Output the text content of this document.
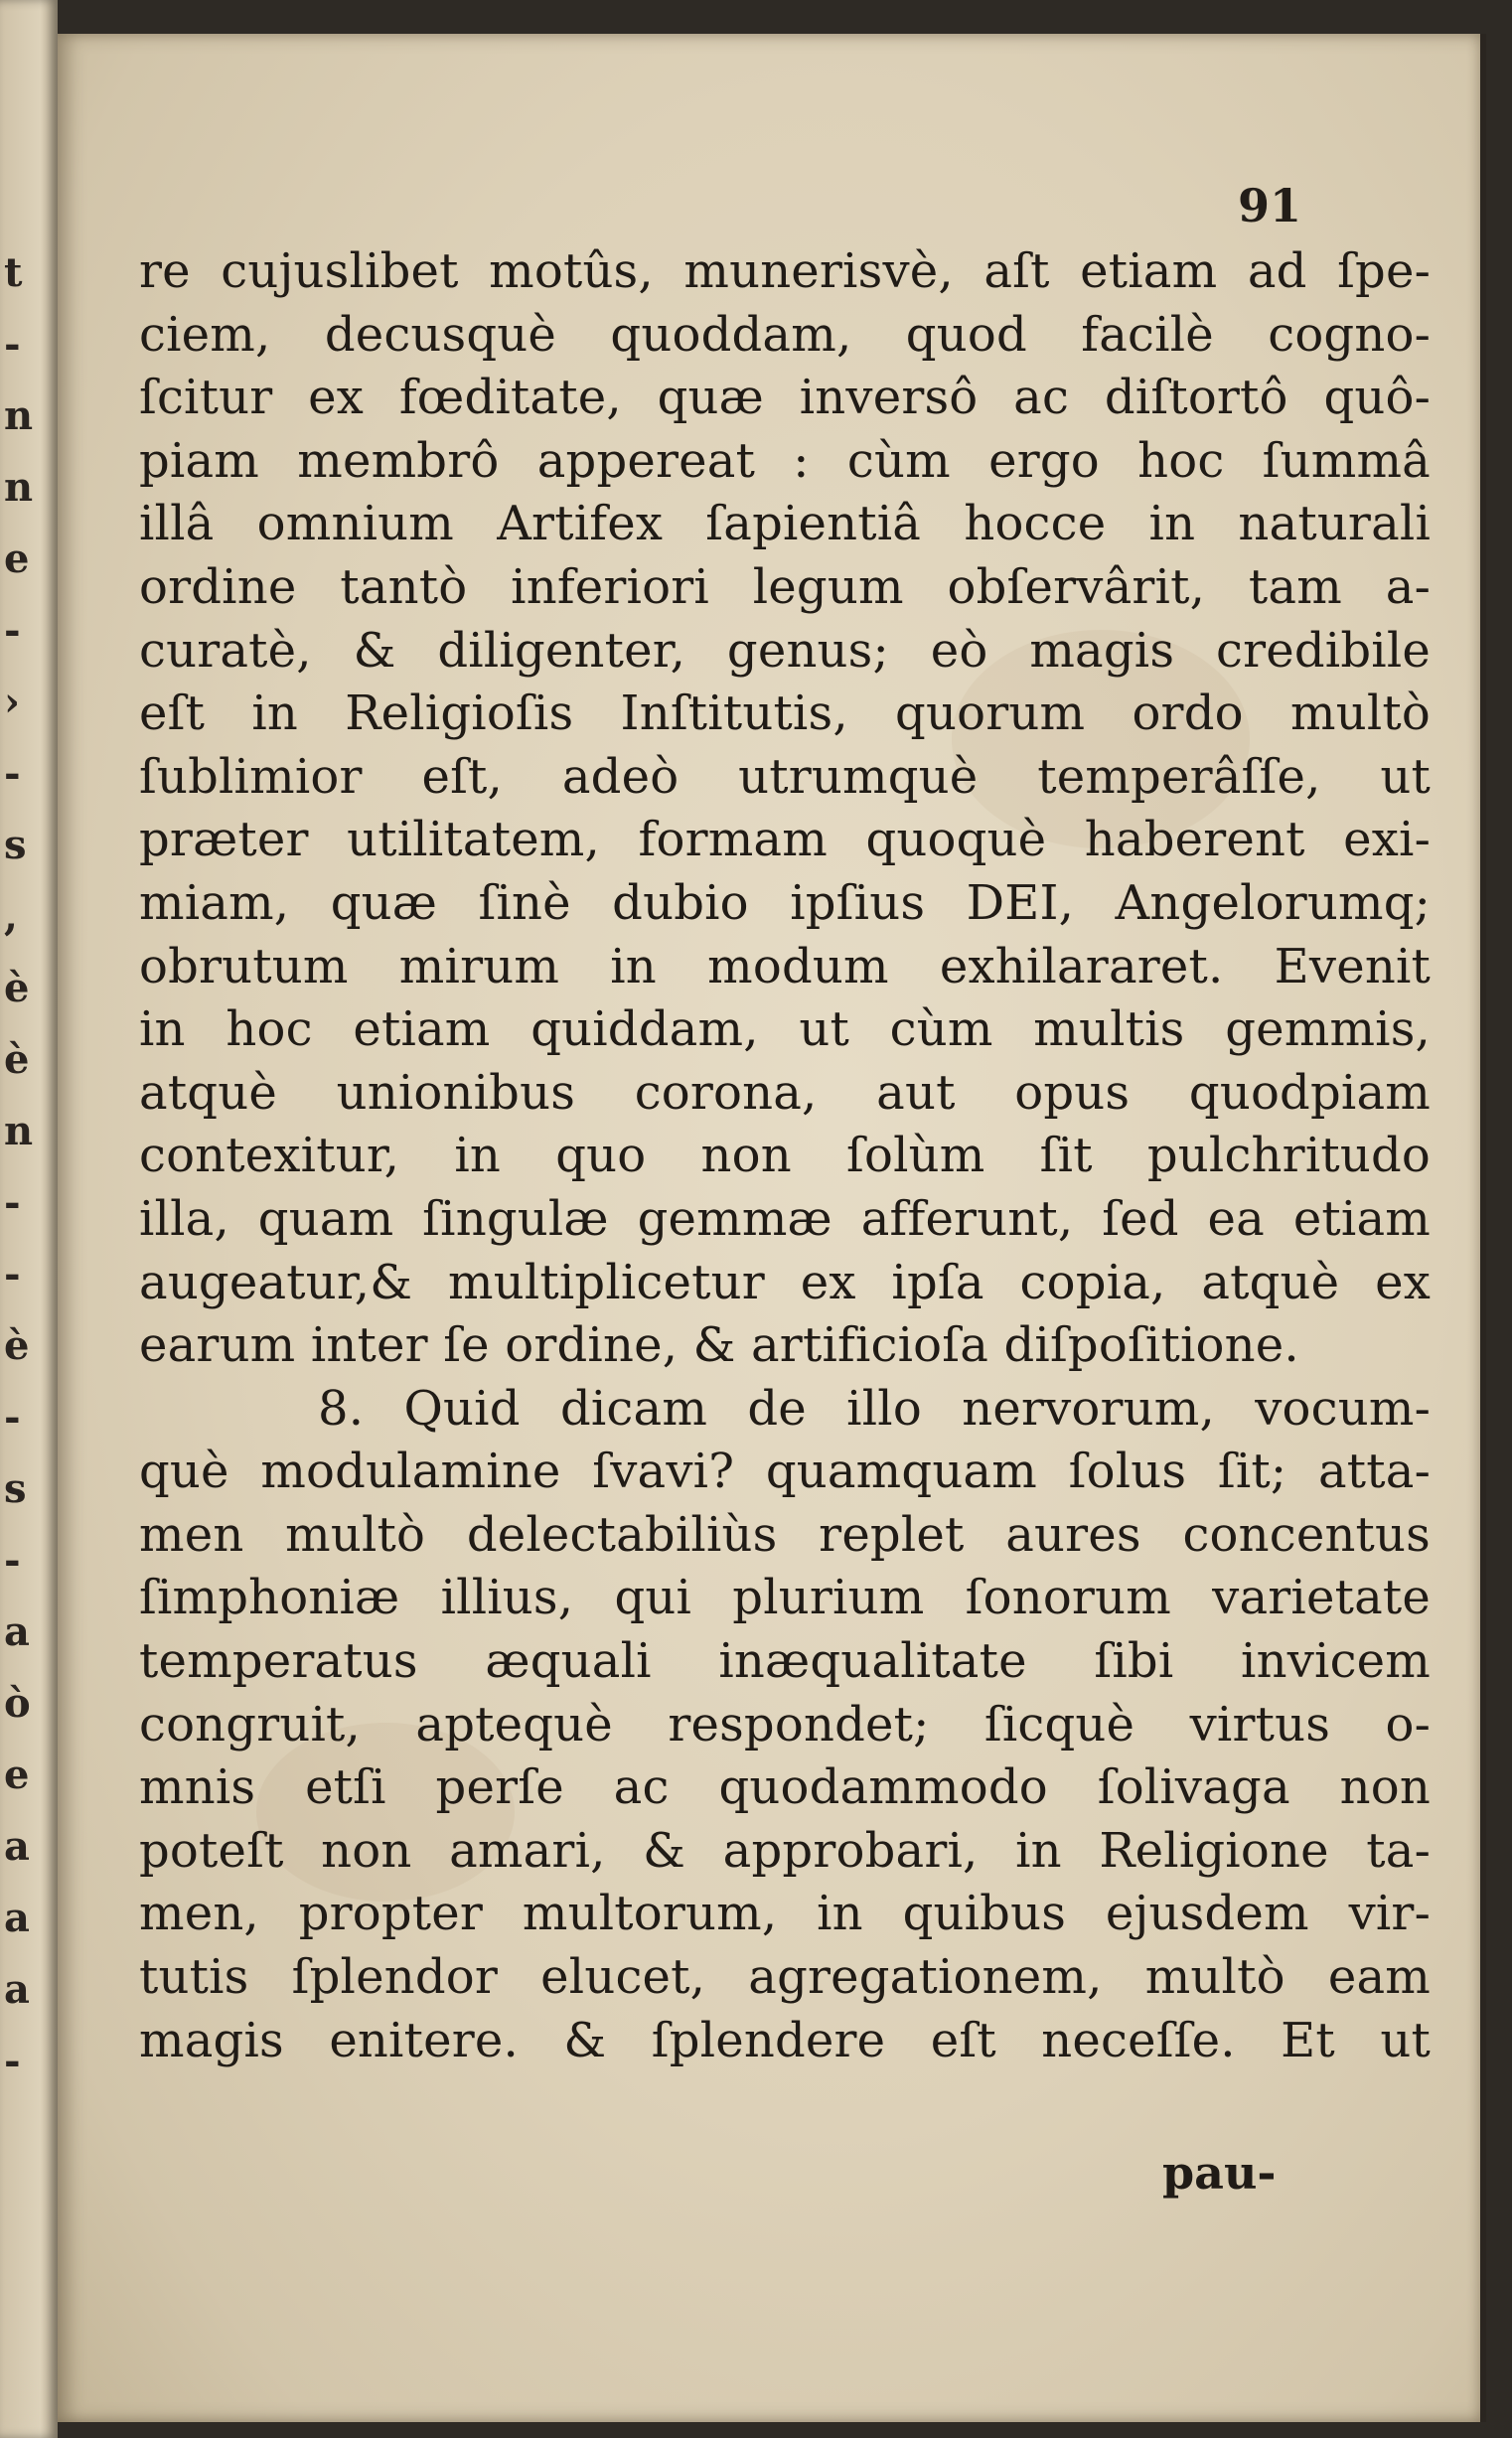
t
-
n
n
e
-
›
-
s
,
è
è
n
-
-
è
-
s
-
a
ò
e
a
a
a
-

91

re cujuslibet motûs, munerisvè, aſt etiam ad ſpe-
ciem, decusquè quoddam, quod facilè cogno-
ſcitur ex fœditate, quæ inversô ac diſtortô quô-
piam membrô appereat : cùm ergo hoc ſummâ
illâ omnium Artifex ſapientiâ hocce in naturali
ordine tantò inferiori legum obſervârit, tam a-
curatè, & diligenter, genus; eò magis credibile
eſt in Religioſis Inſtitutis, quorum ordo multò
ſublimior eſt, adeò utrumquè temperâſſe, ut
præter utilitatem, formam quoquè haberent exi-
miam, quæ ſinè dubio ipſius DEI, Angelorumq;
obrutum mirum in modum exhilararet. Evenit
in hoc etiam quiddam, ut cùm multis gemmis,
atquè unionibus corona, aut opus quodpiam
contexitur, in quo non ſolùm ſit pulchritudo
illa, quam ſingulæ gemmæ afferunt, ſed ea etiam
augeatur,& multiplicetur ex ipſa copia, atquè ex
earum inter ſe ordine, & artificioſa diſpoſitione.
8. Quid dicam de illo nervorum, vocum-
què modulamine ſvavi? quamquam ſolus ſit; atta-
men multò delectabiliùs replet aures concentus
ſimphoniæ illius, qui plurium ſonorum varietate
temperatus æquali inæqualitate ſibi invicem
congruit, aptequè respondet; ſicquè virtus o-
mnis etſi perſe ac quodammodo ſolivaga non
poteſt non amari, & approbari, in Religione ta-
men, propter multorum, in quibus ejusdem vir-
tutis ſplendor elucet, agregationem, multò eam
magis enitere. & ſplendere eſt neceſſe. Et ut

pau-
